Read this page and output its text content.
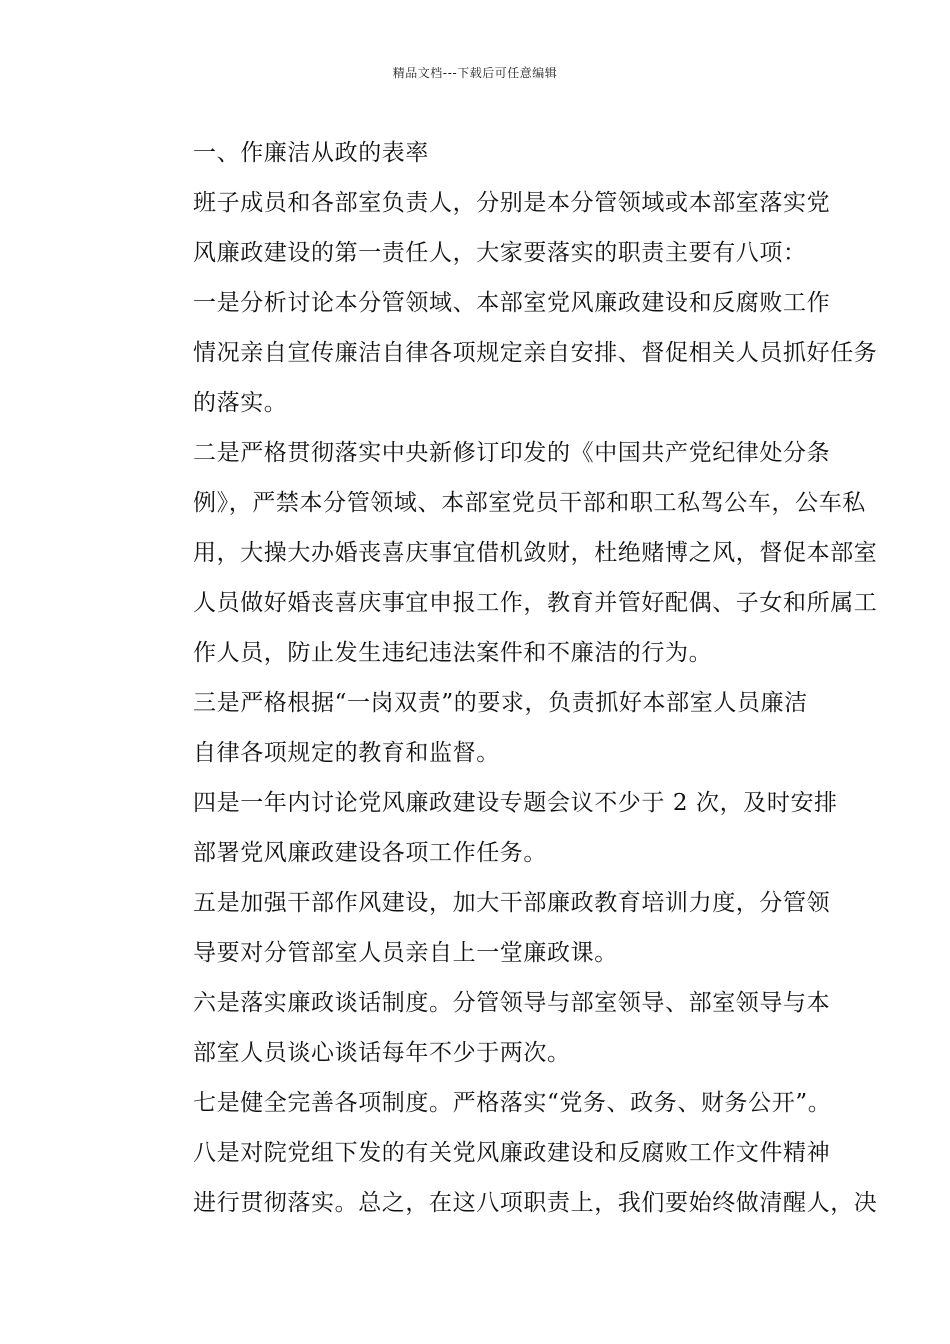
精品文档---下载后可任意编辑

一、作廉洁从政的表率

班子成员和各部室负责人，分别是本分管领域或本部室落实党
风廉政建设的第一责任人，大家要落实的职责主要有八项：

一是分析讨论本分管领域、本部室党风廉政建设和反腐败工作
情况亲自宣传廉洁自律各项规定亲自安排、督促相关人员抓好任务
的落实。

二是严格贯彻落实中央新修订印发的《中国共产党纪律处分条
例》，严禁本分管领域、本部室党员干部和职工私驾公车，公车私
用，大操大办婚丧喜庆事宜借机敛财，杜绝赌博之风，督促本部室
人员做好婚丧喜庆事宜申报工作，教育并管好配偶、子女和所属工
作人员，防止发生违纪违法案件和不廉洁的行为。

三是严格根据“一岗双责”的要求，负责抓好本部室人员廉洁
自律各项规定的教育和监督。

四是一年内讨论党风廉政建设专题会议不少于 2 次，及时安排
部署党风廉政建设各项工作任务。

五是加强干部作风建设，加大干部廉政教育培训力度，分管领
导要对分管部室人员亲自上一堂廉政课。

六是落实廉政谈话制度。分管领导与部室领导、部室领导与本
部室人员谈心谈话每年不少于两次。

七是健全完善各项制度。严格落实“党务、政务、财务公开”。

八是对院党组下发的有关党风廉政建设和反腐败工作文件精神
进行贯彻落实。总之，在这八项职责上，我们要始终做清醒人，决
